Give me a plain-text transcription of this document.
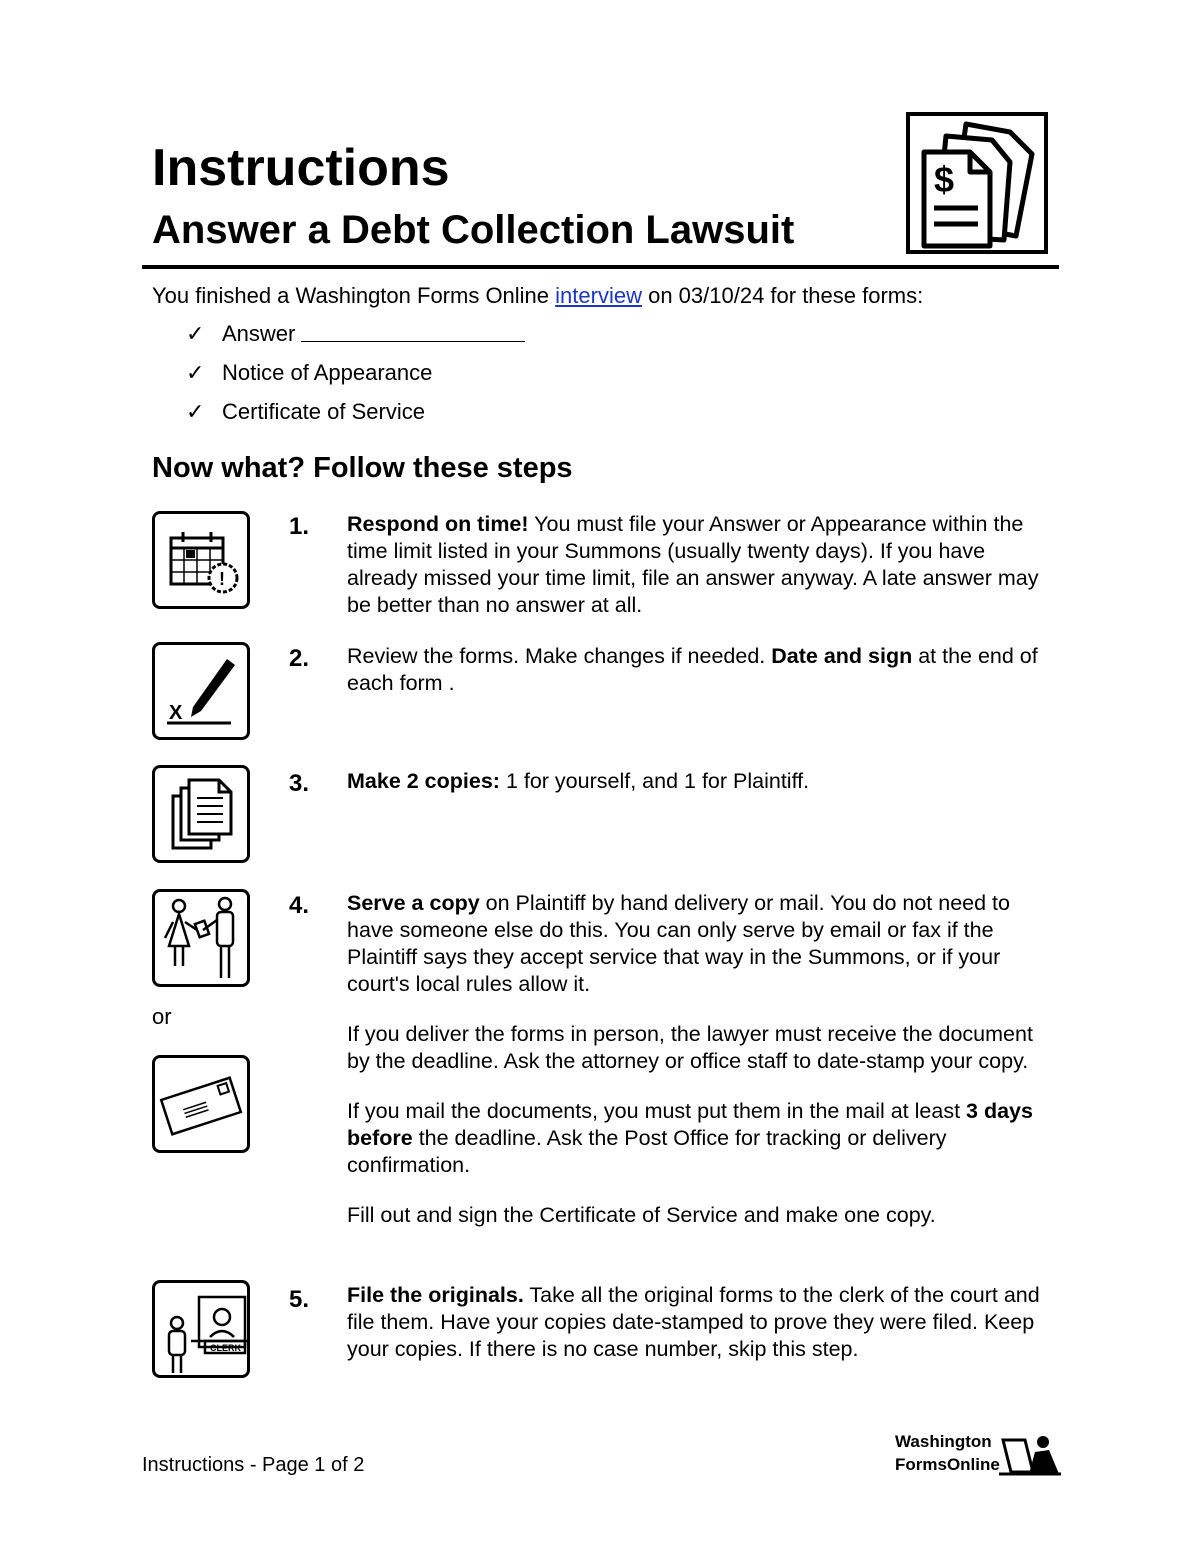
Instructions
Answer a Debt Collection Lawsuit
$
You finished a Washington Forms Online interview on 03/10/24 for these forms:
✓ Answer
✓ Notice of Appearance
✓ Certificate of Service
Now what? Follow these steps
!
1. Respond on time! You must file your Answer or Appearance within the time limit listed in your Summons (usually twenty days). If you have already missed your time limit, file an answer anyway. A late answer may be better than no answer at all.

X
2. Review the forms. Make changes if needed. Date and sign at the end of each form .

3. Make 2 copies: 1 for yourself, and 1 for Plaintiff.

or
4. Serve a copy on Plaintiff by hand delivery or mail. You do not need to have someone else do this. You can only serve by email or fax if the Plaintiff says they accept service that way in the Summons, or if your court's local rules allow it.

If you deliver the forms in person, the lawyer must receive the document by the deadline. Ask the attorney or office staff to date-stamp your copy.

If you mail the documents, you must put them in the mail at least 3 days before the deadline. Ask the Post Office for tracking or delivery confirmation.

Fill out and sign the Certificate of Service and make one copy.

CLERK
5. File the originals. Take all the original forms to the clerk of the court and file them. Have your copies date-stamped to prove they were filed. Keep your copies. If there is no case number, skip this step.

Instructions - Page 1 of 2
Washington
FormsOnline
